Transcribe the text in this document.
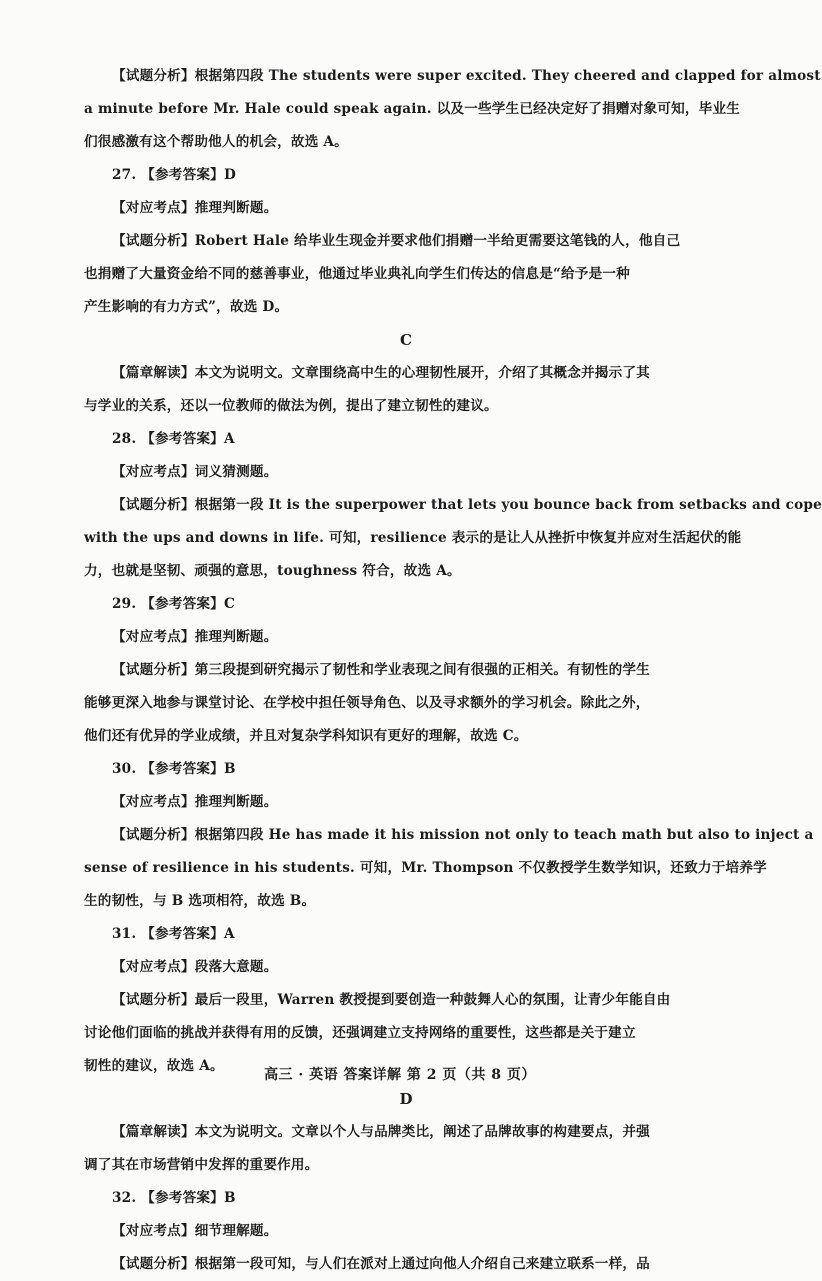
【试题分析】根据第四段 The students were super excited. They cheered and clapped for almost
a minute before Mr. Hale could speak again. 以及一些学生已经决定好了捐赠对象可知，毕业生
们很感激有这个帮助他人的机会，故选 A。
27. 【参考答案】D
【对应考点】推理判断题。
【试题分析】Robert Hale 给毕业生现金并要求他们捐赠一半给更需要这笔钱的人，他自己
也捐赠了大量资金给不同的慈善事业，他通过毕业典礼向学生们传达的信息是“给予是一种
产生影响的有力方式”，故选 D。
C
【篇章解读】本文为说明文。文章围绕高中生的心理韧性展开，介绍了其概念并揭示了其
与学业的关系，还以一位教师的做法为例，提出了建立韧性的建议。
28. 【参考答案】A
【对应考点】词义猜测题。
【试题分析】根据第一段 It is the superpower that lets you bounce back from setbacks and cope
with the ups and downs in life. 可知，resilience 表示的是让人从挫折中恢复并应对生活起伏的能
力，也就是坚韧、顽强的意思，toughness 符合，故选 A。
29. 【参考答案】C
【对应考点】推理判断题。
【试题分析】第三段提到研究揭示了韧性和学业表现之间有很强的正相关。有韧性的学生
能够更深入地参与课堂讨论、在学校中担任领导角色、以及寻求额外的学习机会。除此之外，
他们还有优异的学业成绩，并且对复杂学科知识有更好的理解，故选 C。
30. 【参考答案】B
【对应考点】推理判断题。
【试题分析】根据第四段 He has made it his mission not only to teach math but also to inject a
sense of resilience in his students. 可知，Mr. Thompson 不仅教授学生数学知识，还致力于培养学
生的韧性，与 B 选项相符，故选 B。
31. 【参考答案】A
【对应考点】段落大意题。
【试题分析】最后一段里，Warren 教授提到要创造一种鼓舞人心的氛围，让青少年能自由
讨论他们面临的挑战并获得有用的反馈，还强调建立支持网络的重要性，这些都是关于建立
韧性的建议，故选 A。
D
【篇章解读】本文为说明文。文章以个人与品牌类比，阐述了品牌故事的构建要点，并强
调了其在市场营销中发挥的重要作用。
32. 【参考答案】B
【对应考点】细节理解题。
【试题分析】根据第一段可知，与人们在派对上通过向他人介绍自己来建立联系一样，品
高三 · 英语 答案详解 第 2 页（共 8 页）
